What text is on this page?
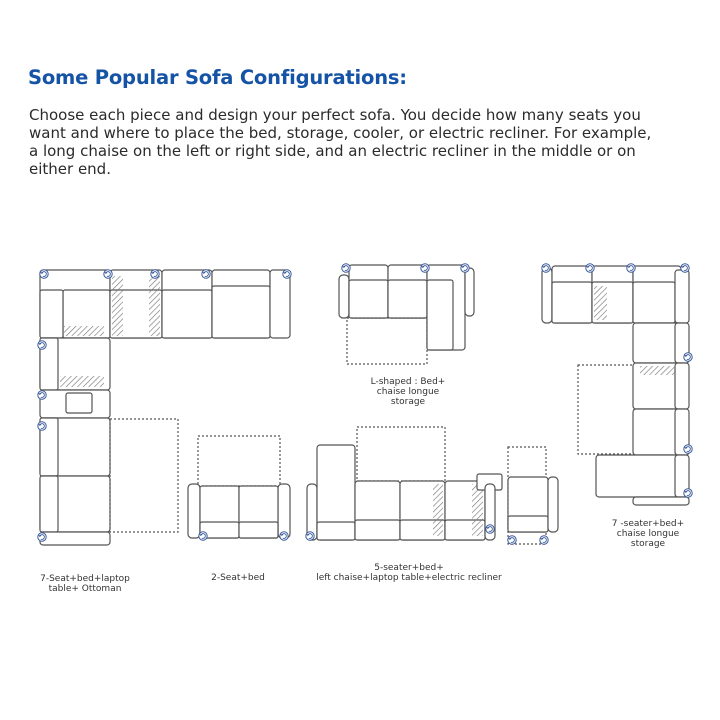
Some Popular Sofa Configurations:
Choose each piece and design your perfect sofa. You decide how many seats you
want and where to place the bed, storage, cooler, or electric recliner. For example,
a long chaise on the left or right side, and an electric recliner in the middle or on
either end.
7-Seat+bed+laptop
table+ Ottoman
2-Seat+bed
5-seater+bed+
left chaise+laptop table+electric recliner
L-shaped : Bed+
chaise longue
storage
7 -seater+bed+
chaise longue
storage
